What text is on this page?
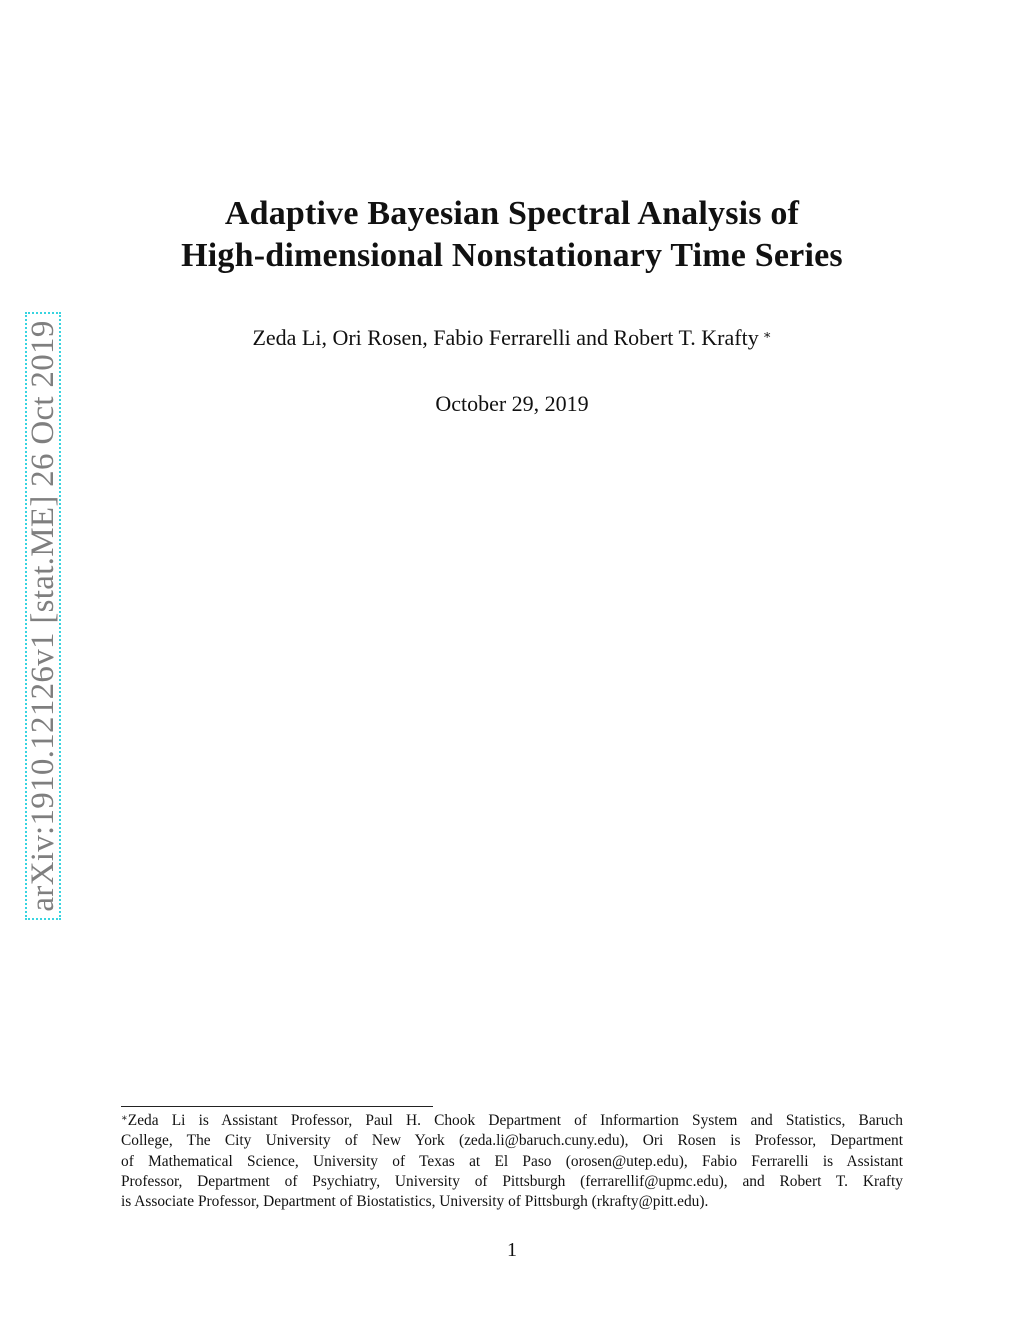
arXiv:1910.12126v1 [stat.ME] 26 Oct 2019
Adaptive Bayesian Spectral Analysis of
High-dimensional Nonstationary Time Series
Zeda Li, Ori Rosen, Fabio Ferrarelli and Robert T. Krafty ∗
October 29, 2019
∗Zeda Li is Assistant Professor, Paul H. Chook Department of Informartion System and Statistics, Baruch
College, The City University of New York (zeda.li@baruch.cuny.edu), Ori Rosen is Professor, Department
of Mathematical Science, University of Texas at El Paso (orosen@utep.edu), Fabio Ferrarelli is Assistant
Professor, Department of Psychiatry, University of Pittsburgh (ferrarellif@upmc.edu), and Robert T. Krafty
is Associate Professor, Department of Biostatistics, University of Pittsburgh (rkrafty@pitt.edu).
1
